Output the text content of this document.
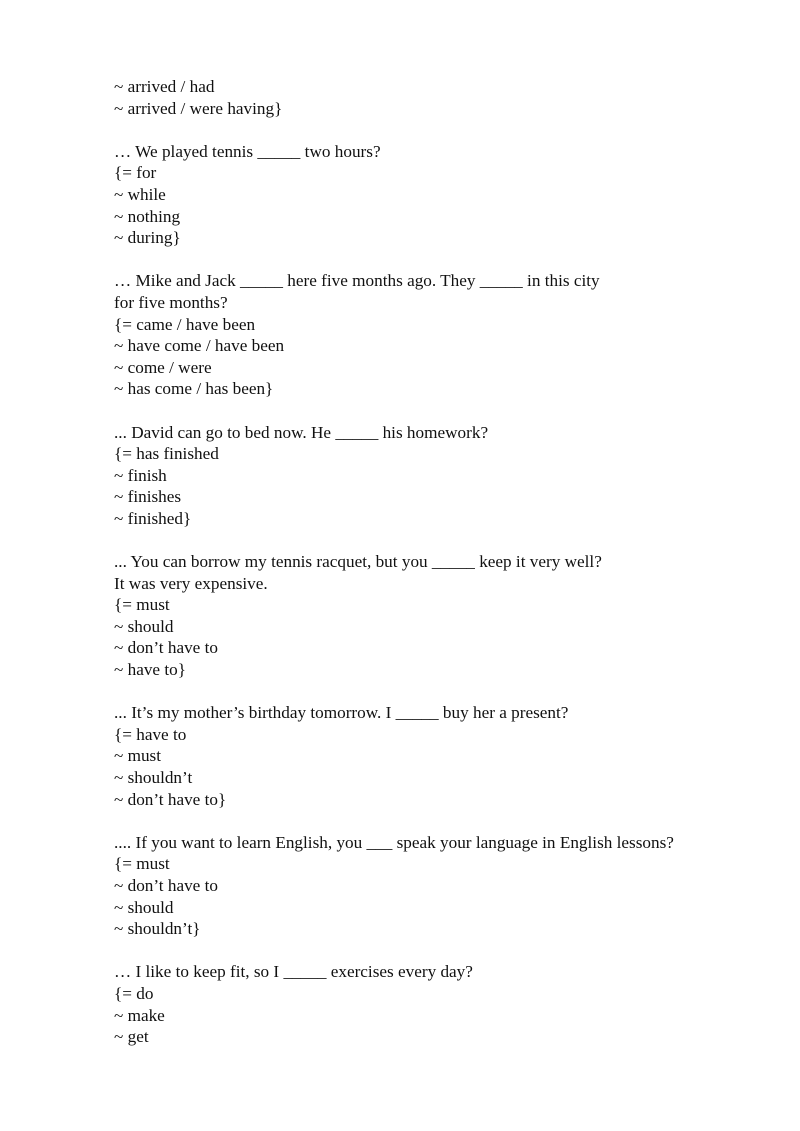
~ arrived / had
~ arrived / were having}
… We played tennis _____ two hours?
{= for
~ while
~ nothing
~ during}
… Mike and Jack _____ here five months ago. They _____ in this city
for five months?
{= came / have been
~ have come / have been
~ come / were
~ has come / has been}
... David can go to bed now. He _____ his homework?
{= has finished
~ finish
~ finishes
~ finished}
... You can borrow my tennis racquet, but you _____ keep it very well?
It was very expensive.
{= must
~ should
~ don’t have to
~ have to}
... It’s my mother’s birthday tomorrow. I _____ buy her a present?
{= have to
~ must
~ shouldn’t
~ don’t have to}
.... If you want to learn English, you ___ speak your language in English lessons?
{= must
~ don’t have to
~ should
~ shouldn’t}
… I like to keep fit, so I _____ exercises every day?
{= do
~ make
~ get
